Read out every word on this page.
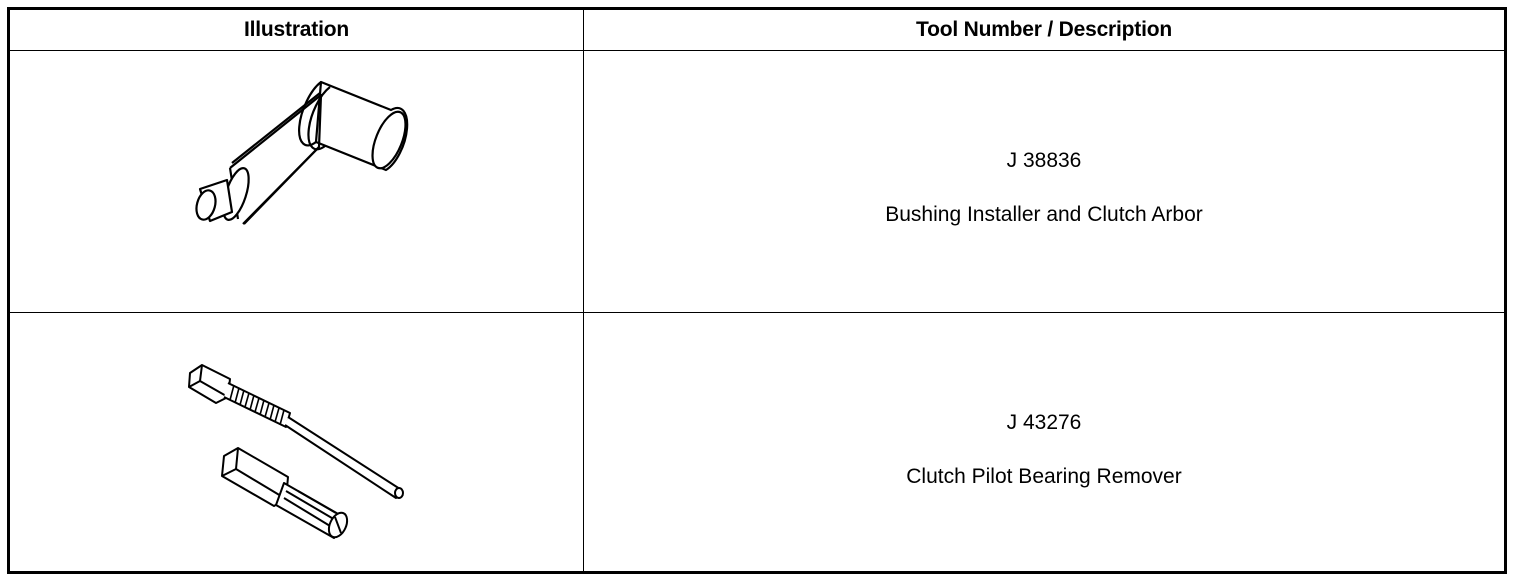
Illustration	Tool Number / Description
J 38836
Bushing Installer and Clutch Arbor
J 43276
Clutch Pilot Bearing Remover
